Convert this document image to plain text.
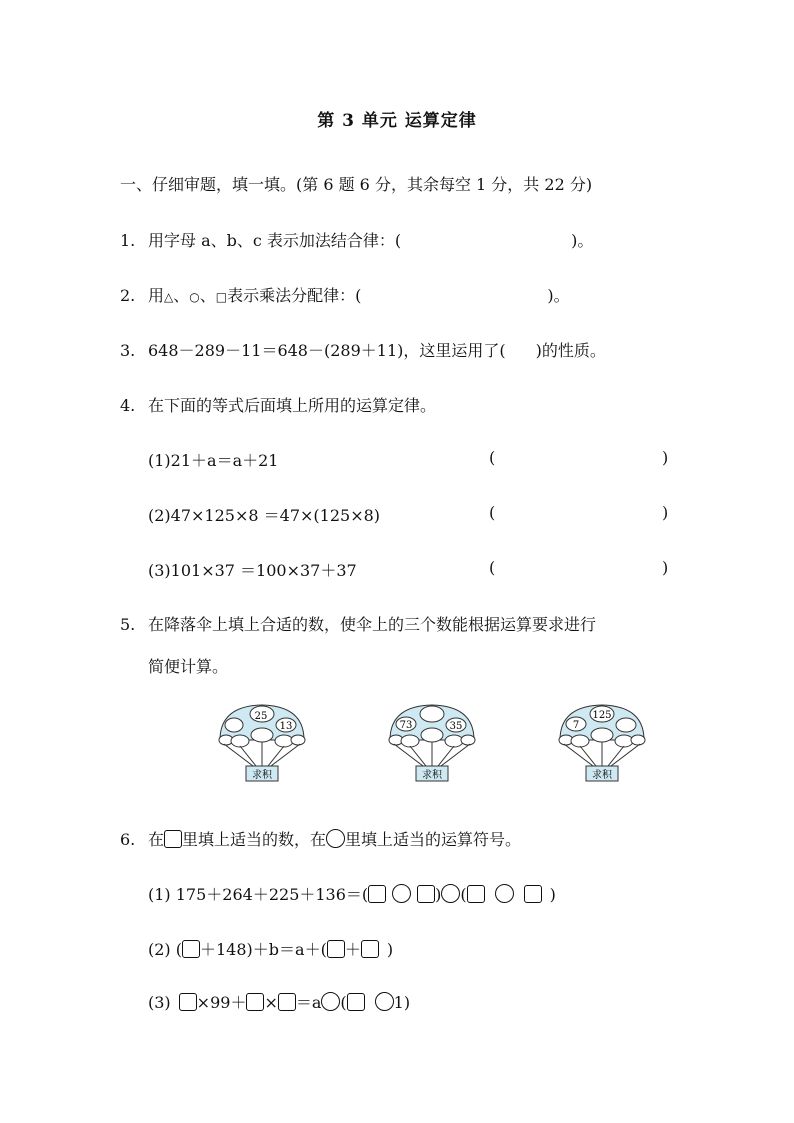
第 3 单元 运算定律
一、仔细审题，填一填。(第 6 题 6 分，其余每空 1 分，共 22 分)
1. 用字母 a、b、c 表示加法结合律：(	)。
2. 用△、○、□表示乘法分配律：(	)。
3. 648－289－11＝648－(289＋11)，这里运用了( )的性质。
4. 在下面的等式后面填上所用的运算定律。
(1)21＋a＝a＋21	(	)
(2)47×125×8 ＝47×(125×8)	(	)
(3)101×37 ＝100×37＋37	(	)
5. 在降落伞上填上合适的数，使伞上的三个数能根据运算要求进行
简便计算。
25
13
求积
73	35
求积
7
125
求积
6. 在 里填上适当的数，在 里填上适当的运算符号。
(1) 175＋264＋225＋136＝(	) (	)
(2) ( ＋148)＋b＝a＋( ＋ )
(3) ×99＋ × ＝a (	1)
